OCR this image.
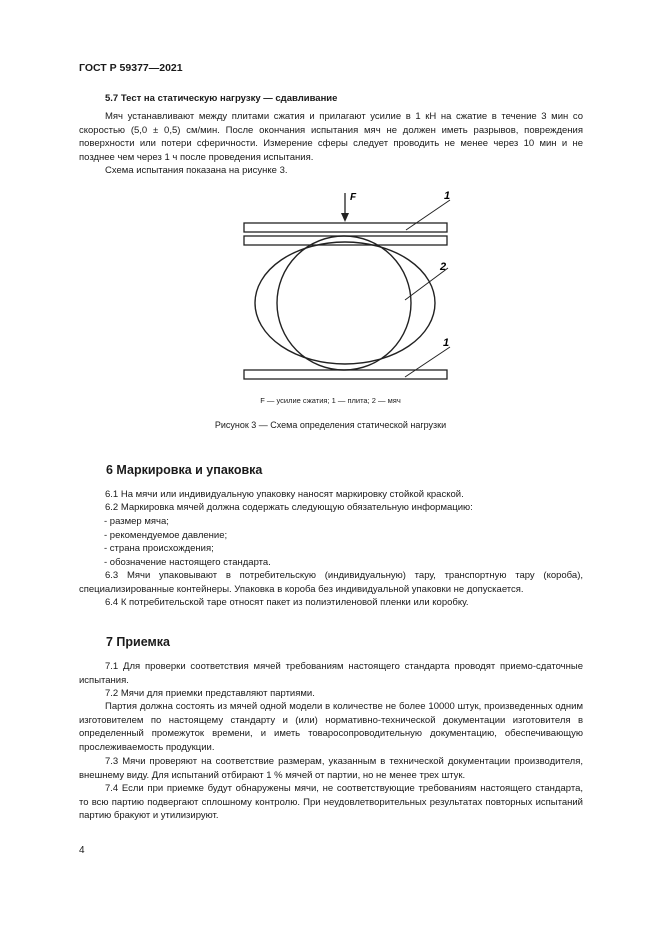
ГОСТ Р 59377—2021
5.7 Тест на статическую нагрузку — сдавливание
Мяч устанавливают между плитами сжатия и прилагают усилие в 1 кН на сжатие в течение 3 мин со скоростью (5,0 ± 0,5) см/мин. После окончания испытания мяч не должен иметь разрывов, повреждения поверхности или потери сферичности. Измерение сферы следует проводить не менее через 10 мин и не позднее чем через 1 ч после проведения испытания.
Схема испытания показана на рисунке 3.
F	1
2
1
F — усилие сжатия; 1 — плита; 2 — мяч
Рисунок 3 — Схема определения статической нагрузки
6 Маркировка и упаковка
6.1 На мячи или индивидуальную упаковку наносят маркировку стойкой краской.
6.2 Маркировка мячей должна содержать следующую обязательную информацию:
- размер мяча;
- рекомендуемое давление;
- страна происхождения;
- обозначение настоящего стандарта.
6.3 Мячи упаковывают в потребительскую (индивидуальную) тару, транспортную тару (короба), специализированные контейнеры. Упаковка в короба без индивидуальной упаковки не допускается.
6.4 К потребительской таре относят пакет из полиэтиленовой пленки или коробку.
7 Приемка
7.1 Для проверки соответствия мячей требованиям настоящего стандарта проводят приемо-сдаточные испытания.
7.2 Мячи для приемки представляют партиями.
Партия должна состоять из мячей одной модели в количестве не более 10000 штук, произведенных одним изготовителем по настоящему стандарту и (или) нормативно-технической документации изготовителя в определенный промежуток времени, и иметь товаросопроводительную документацию, обеспечивающую прослеживаемость продукции.
7.3 Мячи проверяют на соответствие размерам, указанным в технической документации производителя, внешнему виду. Для испытаний отбирают 1 % мячей от партии, но не менее трех штук.
7.4 Если при приемке будут обнаружены мячи, не соответствующие требованиям настоящего стандарта, то всю партию подвергают сплошному контролю. При неудовлетворительных результатах повторных испытаний партию бракуют и утилизируют.
4
